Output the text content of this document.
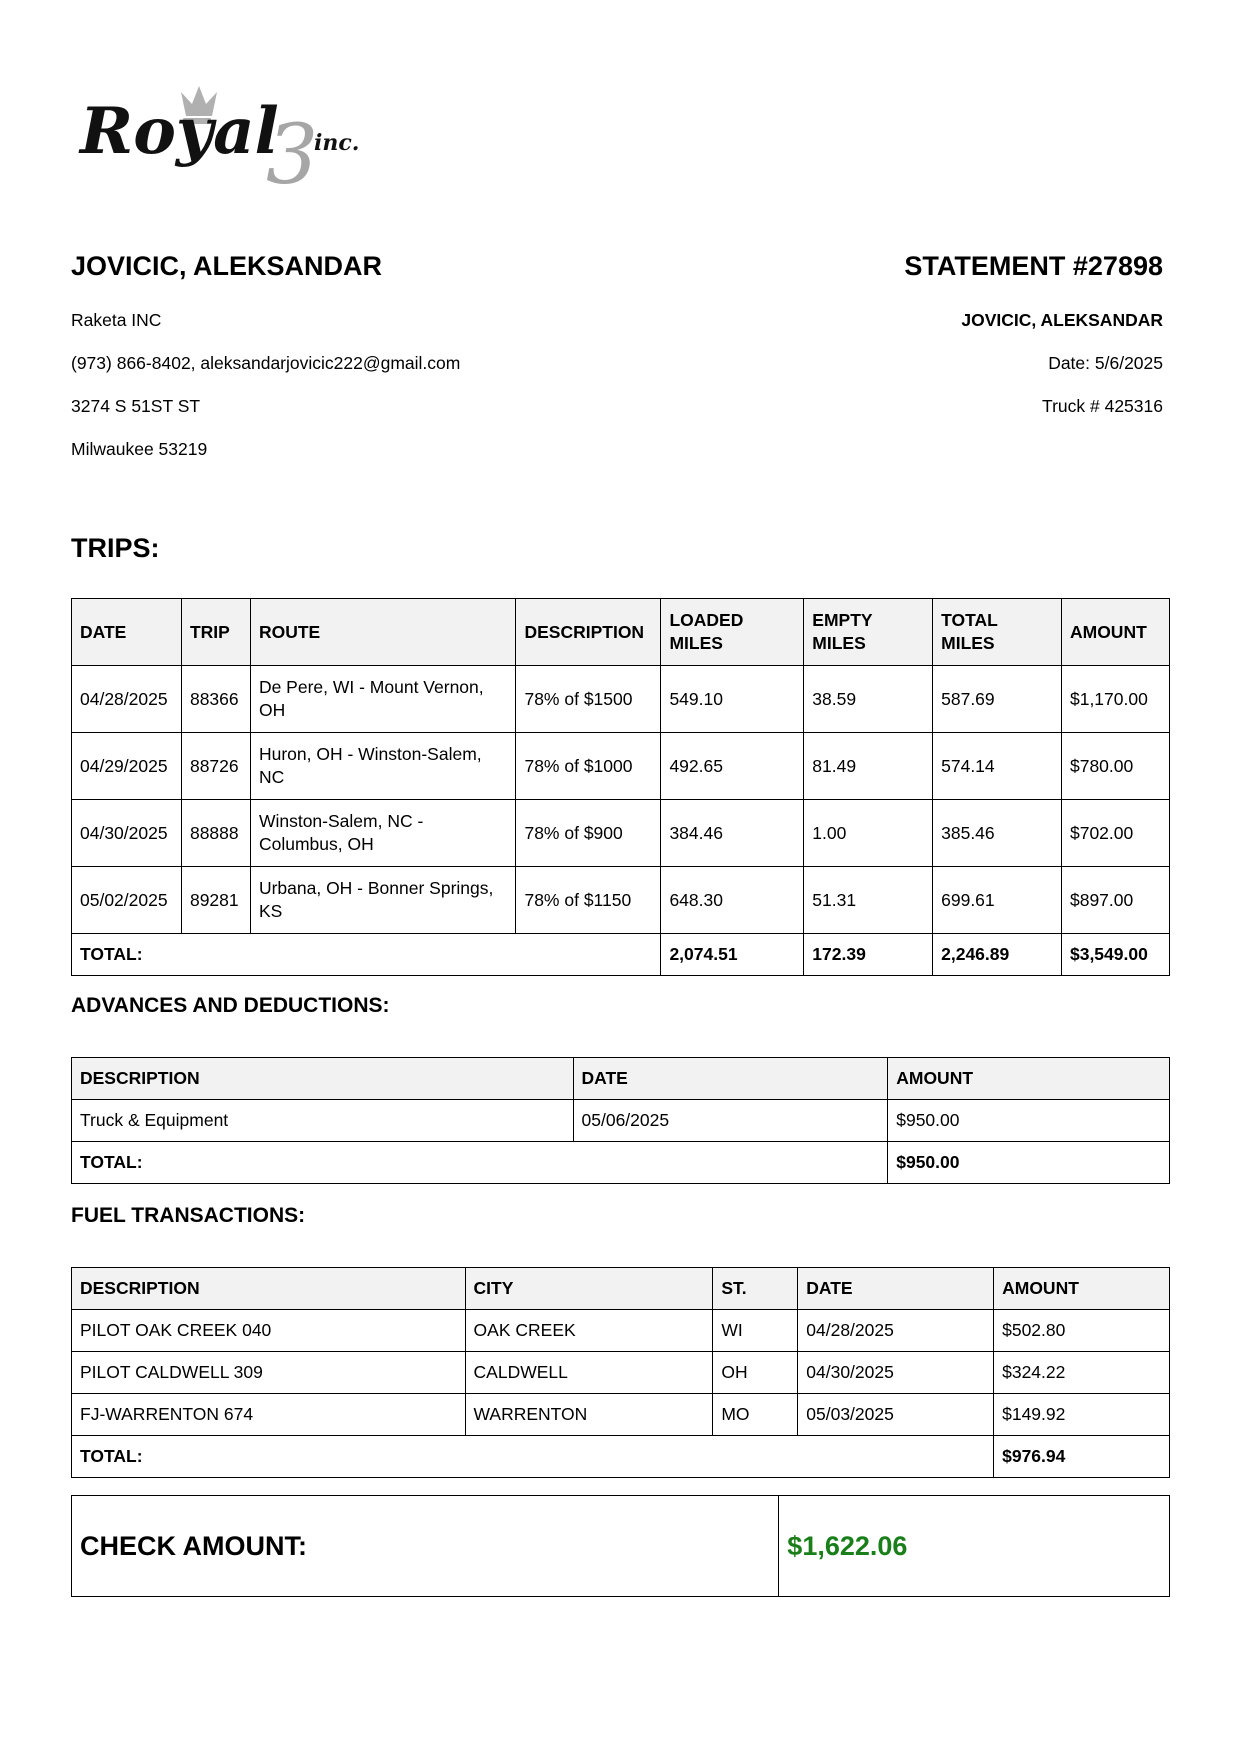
Royal
3
inc.
JOVICIC, ALEKSANDAR	STATEMENT #27898
Raketa INC
(973) 866-8402, aleksandarjovicic222@gmail.com
3274 S 51ST ST
Milwaukee 53219
JOVICIC, ALEKSANDAR
Date: 5/6/2025
Truck # 425316
TRIPS:
DATE	TRIP	ROUTE	DESCRIPTION	LOADED MILES	EMPTY MILES	TOTAL MILES	AMOUNT
04/28/2025	88366	De Pere, WI - Mount Vernon, OH	78% of $1500	549.10	38.59	587.69	$1,170.00
04/29/2025	88726	Huron, OH - Winston-Salem, NC	78% of $1000	492.65	81.49	574.14	$780.00
04/30/2025	88888	Winston-Salem, NC - Columbus, OH	78% of $900	384.46	1.00	385.46	$702.00
05/02/2025	89281	Urbana, OH - Bonner Springs, KS	78% of $1150	648.30	51.31	699.61	$897.00
TOTAL:				2,074.51	172.39	2,246.89	$3,549.00
ADVANCES AND DEDUCTIONS:
DESCRIPTION	DATE	AMOUNT
Truck & Equipment	05/06/2025	$950.00
TOTAL:		$950.00
FUEL TRANSACTIONS:
DESCRIPTION	CITY	ST.	DATE	AMOUNT
PILOT OAK CREEK 040	OAK CREEK	WI	04/28/2025	$502.80
PILOT CALDWELL 309	CALDWELL	OH	04/30/2025	$324.22
FJ-WARRENTON 674	WARRENTON	MO	05/03/2025	$149.92
TOTAL:				$976.94
CHECK AMOUNT:	$1,622.06
